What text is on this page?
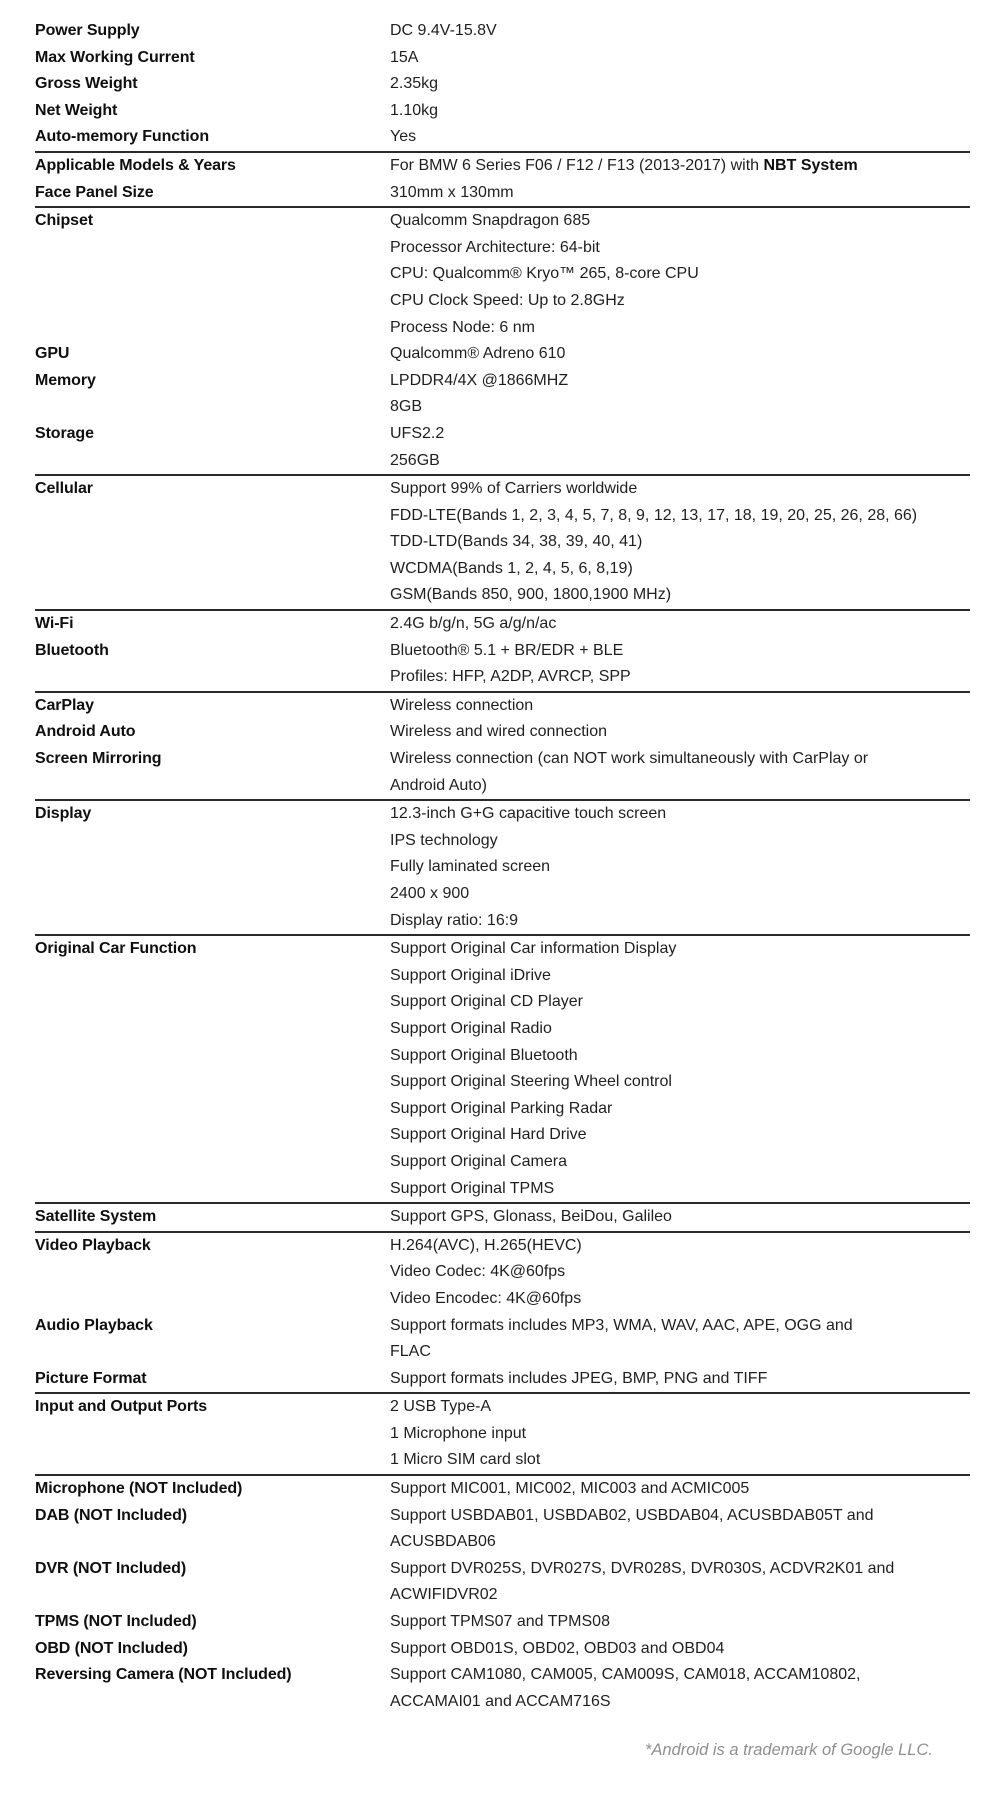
Power Supply	DC 9.4V-15.8V
Max Working Current	15A
Gross Weight	2.35kg
Net Weight	1.10kg
Auto-memory Function	Yes
Applicable Models & Years	For BMW 6 Series F06 / F12 / F13 (2013-2017) with NBT System
Face Panel Size	310mm x 130mm
Chipset	Qualcomm Snapdragon 685
Processor Architecture: 64-bit
CPU: Qualcomm® Kryo™ 265, 8-core CPU
CPU Clock Speed: Up to 2.8GHz
Process Node: 6 nm
GPU	Qualcomm® Adreno 610
Memory	LPDDR4/4X @1866MHZ
8GB
Storage	UFS2.2
256GB
Cellular	Support 99% of Carriers worldwide
FDD-LTE(Bands 1, 2, 3, 4, 5, 7, 8, 9, 12, 13, 17, 18, 19, 20, 25, 26, 28, 66)
TDD-LTD(Bands 34, 38, 39, 40, 41)
WCDMA(Bands 1, 2, 4, 5, 6, 8,19)
GSM(Bands 850, 900, 1800,1900 MHz)
Wi-Fi	2.4G b/g/n, 5G a/g/n/ac
Bluetooth	Bluetooth® 5.1 + BR/EDR + BLE
Profiles: HFP, A2DP, AVRCP, SPP
CarPlay	Wireless connection
Android Auto	Wireless and wired connection
Screen Mirroring	Wireless connection (can NOT work simultaneously with CarPlay or
Android Auto)
Display	12.3-inch G+G capacitive touch screen
IPS technology
Fully laminated screen
2400 x 900
Display ratio: 16:9
Original Car Function	Support Original Car information Display
Support Original iDrive
Support Original CD Player
Support Original Radio
Support Original Bluetooth
Support Original Steering Wheel control
Support Original Parking Radar
Support Original Hard Drive
Support Original Camera
Support Original TPMS
Satellite System	Support GPS, Glonass, BeiDou, Galileo
Video Playback	H.264(AVC), H.265(HEVC)
Video Codec: 4K@60fps
Video Encodec: 4K@60fps
Audio Playback	Support formats includes MP3, WMA, WAV, AAC, APE, OGG and
FLAC
Picture Format	Support formats includes JPEG, BMP, PNG and TIFF
Input and Output Ports	2 USB Type-A
1 Microphone input
1 Micro SIM card slot
Microphone (NOT Included)	Support MIC001, MIC002, MIC003 and ACMIC005
DAB (NOT Included)	Support USBDAB01, USBDAB02, USBDAB04, ACUSBDAB05T and
ACUSBDAB06
DVR (NOT Included)	Support DVR025S, DVR027S, DVR028S, DVR030S, ACDVR2K01 and
ACWIFIDVR02
TPMS (NOT Included)	Support TPMS07 and TPMS08
OBD (NOT Included)	Support OBD01S, OBD02, OBD03 and OBD04
Reversing Camera (NOT Included)	Support CAM1080, CAM005, CAM009S, CAM018, ACCAM10802,
ACCAMAI01 and ACCAM716S
*Android is a trademark of Google LLC.
